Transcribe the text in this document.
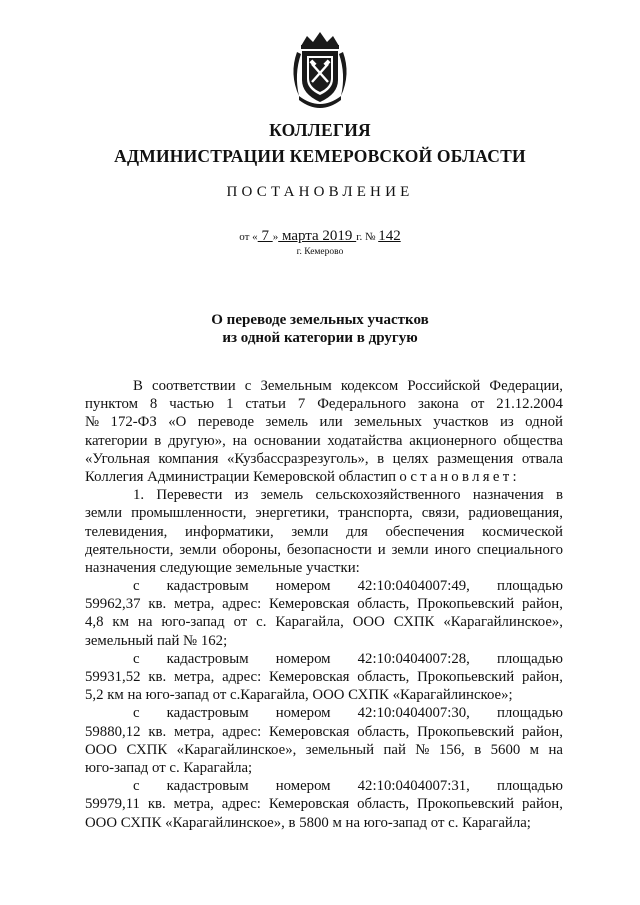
КОЛЛЕГИЯ
АДМИНИСТРАЦИИ КЕМЕРОВСКОЙ ОБЛАСТИ
ПОСТАНОВЛЕНИЕ
от « 7 » марта 2019 г. № 142
г. Кемерово
О переводе земельных участков
из одной категории в другую
В соответствии с Земельным кодексом Российской Федерации,
пунктом 8 частью 1 статьи 7 Федерального закона от 21.12.2004
№ 172-ФЗ «О переводе земель или земельных участков из одной
категории в другую», на основании ходатайства акционерного общества
«Угольная компания «Кузбассразрезуголь», в целях размещения отвала
Коллегия Администрации Кемеровской области постановляет:
1. Перевести из земель сельскохозяйственного назначения в
земли промышленности, энергетики, транспорта, связи, радиовещания,
телевидения, информатики, земли для обеспечения космической
деятельности, земли обороны, безопасности и земли иного специального
назначения следующие земельные участки:
с кадастровым номером 42:10:0404007:49, площадью
59962,37 кв. метра, адрес: Кемеровская область, Прокопьевский район,
4,8 км на юго-запад от с. Карагайла, ООО СХПК «Карагайлинское»,
земельный пай № 162;
с кадастровым номером 42:10:0404007:28, площадью
59931,52 кв. метра, адрес: Кемеровская область, Прокопьевский район,
5,2 км на юго-запад от с.Карагайла, ООО СХПК «Карагайлинское»;
с кадастровым номером 42:10:0404007:30, площадью
59880,12 кв. метра, адрес: Кемеровская область, Прокопьевский район,
ООО СХПК «Карагайлинское», земельный пай № 156, в 5600 м на
юго-запад от с. Карагайла;
с кадастровым номером 42:10:0404007:31, площадью
59979,11 кв. метра, адрес: Кемеровская область, Прокопьевский район,
ООО СХПК «Карагайлинское», в 5800 м на юго-запад от с. Карагайла;
